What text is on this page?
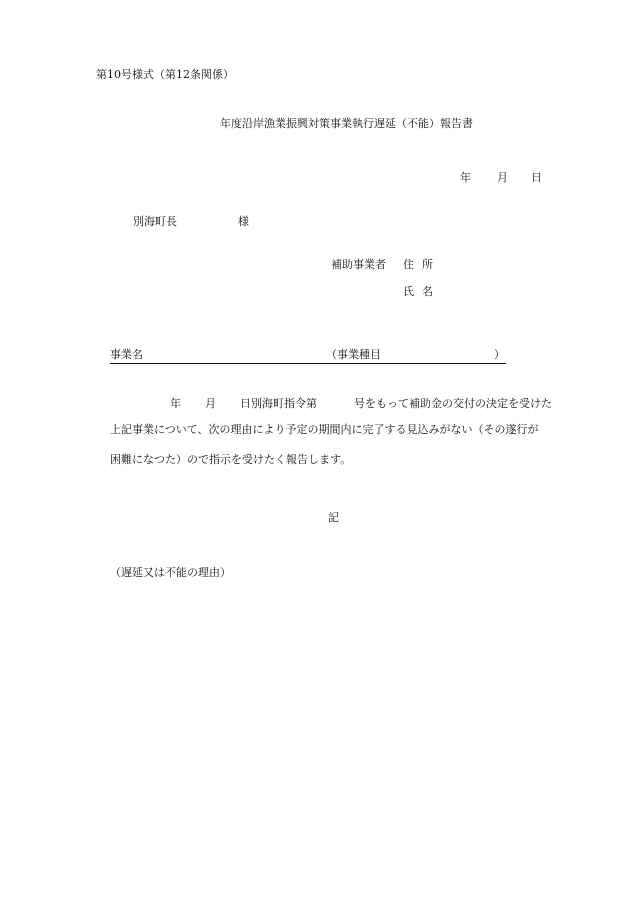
第10号様式（第12条関係）
年度沿岸漁業振興対策事業執行遅延（不能）報告書
年 月 日
別海町長	様
補助事業者 住所
氏名
事業名	（事業種目	）
年 月 日別海町指令第	号をもって補助金の交付の決定を受けた
上記事業について、次の理由により予定の期間内に完了する見込みがない（その遂行が
困難になつた）ので指示を受けたく報告します。
記
（遅延又は不能の理由）
